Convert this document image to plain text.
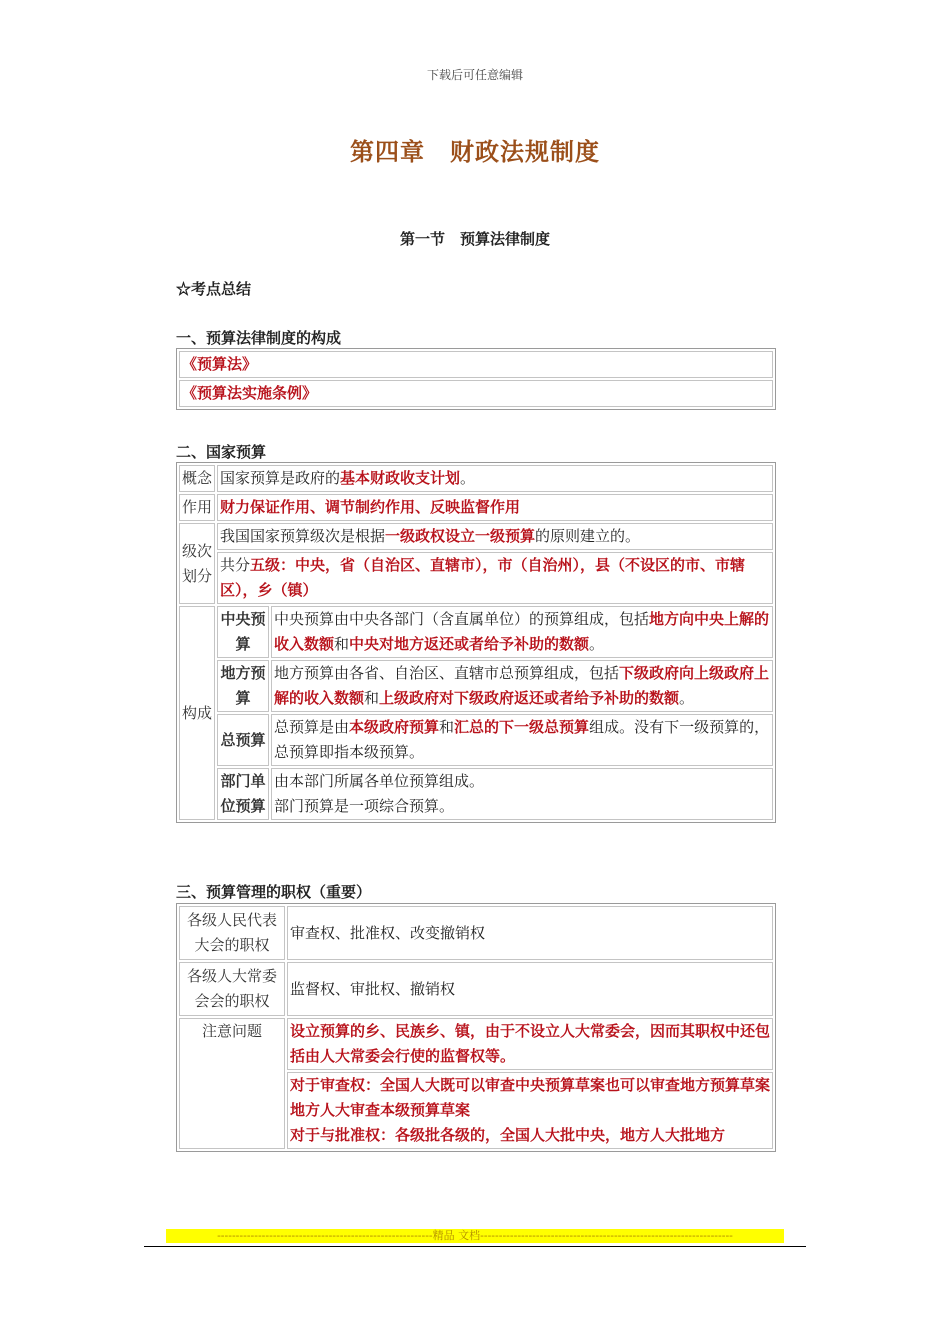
下载后可任意编辑
第四章　财政法规制度
第一节　预算法律制度
☆考点总结
一、预算法律制度的构成
《预算法》
《预算法实施条例》
二、国家预算
概念	国家预算是政府的基本财政收支计划。	
作用	财力保证作用、调节制约作用、反映监督作用	
级次划分	我国国家预算级次是根据一级政权设立一级预算的原则建立的。	
	共分五级：中央，省（自治区、直辖市），市（自治州），县（不设区的市、市辖区），乡（镇）	
构成	中央预算	中央预算由中央各部门（含直属单位）的预算组成，包括地方向中央上解的收入数额和中央对地方返还或者给予补助的数额。
	地方预算	地方预算由各省、自治区、直辖市总预算组成，包括下级政府向上级政府上解的收入数额和上级政府对下级政府返还或者给予补助的数额。
	总预算	总预算是由本级政府预算和汇总的下一级总预算组成。没有下一级预算的，总预算即指本级预算。
	部门单位预算	由本部门所属各单位预算组成。
部门预算是一项综合预算。
三、预算管理的职权（重要）
各级人民代表大会的职权	审查权、批准权、改变撤销权
各级人大常委会会的职权	监督权、审批权、撤销权
注意问题	设立预算的乡、民族乡、镇，由于不设立人大常委会，因而其职权中还包括由人大常委会行使的监督权等。

	对于审查权：全国人大既可以审查中央预算草案也可以审查地方预算草案
地方人大审查本级预算草案
对于与批准权：各级批各级的，全国人大批中央，地方人大批地方
----------------------------------------------------------精品 文档--------------------------------------------------------------------
